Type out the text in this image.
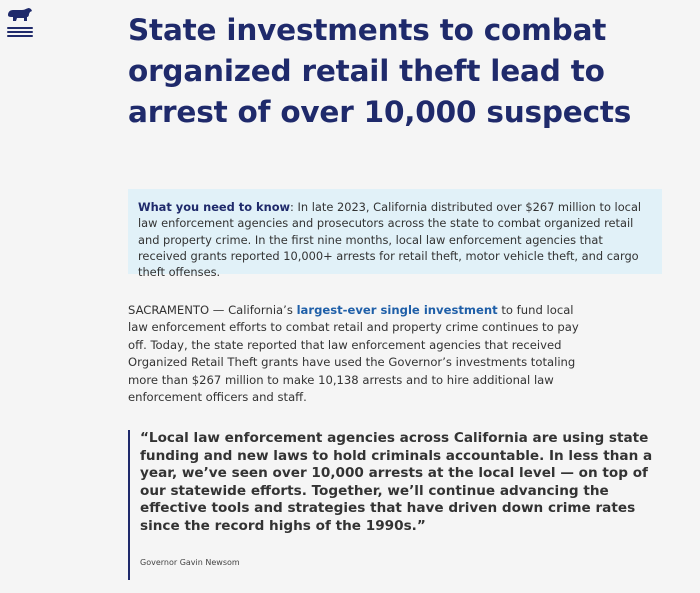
State investments to combat organized retail theft lead to arrest of over 10,000 suspects
What you need to know: In late 2023, California distributed over $267 million to local law enforcement agencies and prosecutors across the state to combat organized retail and property crime. In the first nine months, local law enforcement agencies that received grants reported 10,000+ arrests for retail theft, motor vehicle theft, and cargo theft offenses.

SACRAMENTO — California’s largest-ever single investment to fund local law enforcement efforts to combat retail and property crime continues to pay off. Today, the state reported that law enforcement agencies that received Organized Retail Theft grants have used the Governor’s investments totaling more than $267 million to make 10,138 arrests and to hire additional law enforcement officers and staff.

“Local law enforcement agencies across California are using state funding and new laws to hold criminals accountable. In less than a year, we’ve seen over 10,000 arrests at the local level — on top of our statewide efforts. Together, we’ll continue advancing the effective tools and strategies that have driven down crime rates since the record highs of the 1990s.”

Governor Gavin Newsom
